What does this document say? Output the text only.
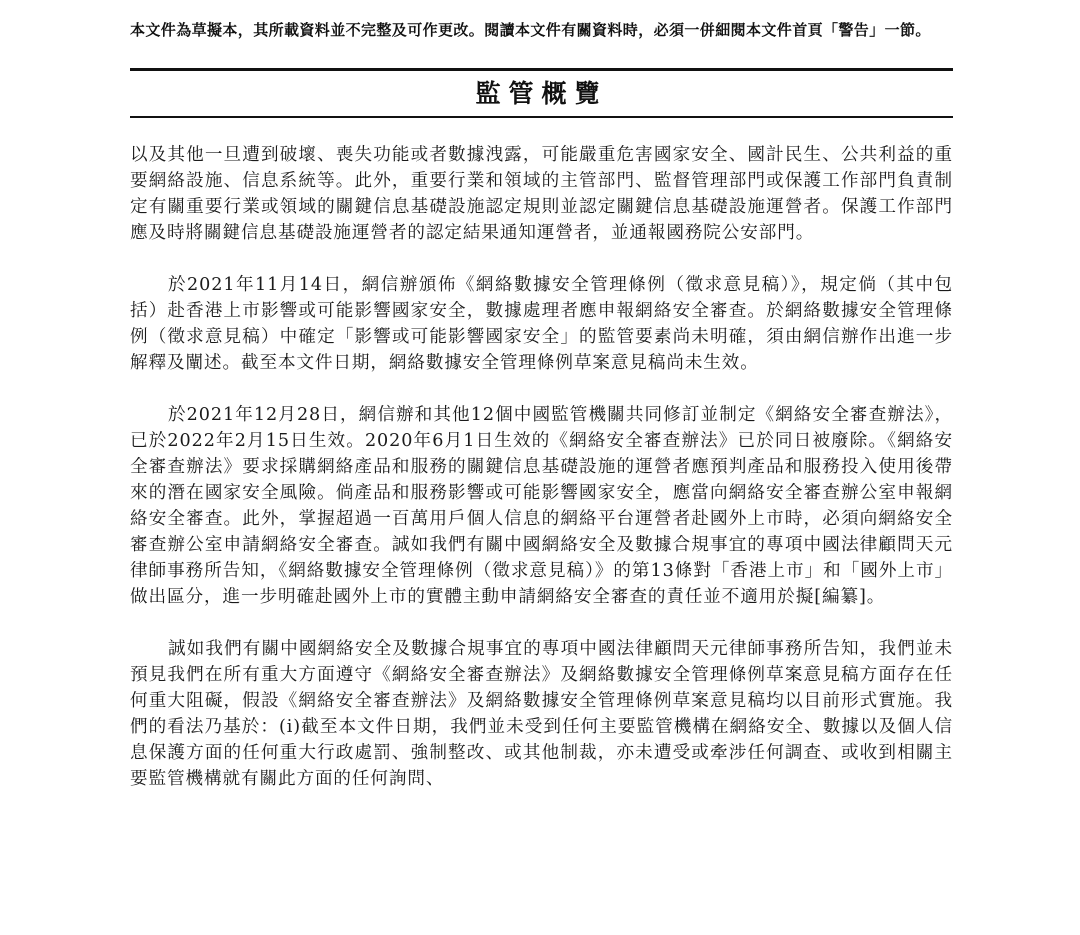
本文件為草擬本，其所載資料並不完整及可作更改。閱讀本文件有關資料時，必須一併細閱本文件首頁「警告」一節。
監管概覽

以及其他一旦遭到破壞、喪失功能或者數據洩露，可能嚴重危害國家安全、國計民生、公共利益的重要網絡設施、信息系統等。此外，重要行業和領域的主管部門、監督管理部門或保護工作部門負責制定有關重要行業或領域的關鍵信息基礎設施認定規則並認定關鍵信息基礎設施運營者。保護工作部門應及時將關鍵信息基礎設施運營者的認定結果通知運營者，並通報國務院公安部門。

於2021年11月14日，網信辦頒佈《網絡數據安全管理條例（徵求意見稿）》，規定倘（其中包括）赴香港上市影響或可能影響國家安全，數據處理者應申報網絡安全審查。於網絡數據安全管理條例（徵求意見稿）中確定「影響或可能影響國家安全」的監管要素尚未明確，須由網信辦作出進一步解釋及闡述。截至本文件日期，網絡數據安全管理條例草案意見稿尚未生效。

於2021年12月28日，網信辦和其他12個中國監管機關共同修訂並制定《網絡安全審查辦法》，已於2022年2月15日生效。2020年6月1日生效的《網絡安全審查辦法》已於同日被廢除。《網絡安全審查辦法》要求採購網絡產品和服務的關鍵信息基礎設施的運營者應預判產品和服務投入使用後帶來的潛在國家安全風險。倘產品和服務影響或可能影響國家安全，應當向網絡安全審查辦公室申報網絡安全審查。此外，掌握超過一百萬用戶個人信息的網絡平台運營者赴國外上市時，必須向網絡安全審查辦公室申請網絡安全審查。誠如我們有關中國網絡安全及數據合規事宜的專項中國法律顧問天元律師事務所告知，《網絡數據安全管理條例（徵求意見稿）》的第13條對「香港上市」和「國外上市」做出區分，進一步明確赴國外上市的實體主動申請網絡安全審查的責任並不適用於擬[編纂]。

誠如我們有關中國網絡安全及數據合規事宜的專項中國法律顧問天元律師事務所告知，我們並未預見我們在所有重大方面遵守《網絡安全審查辦法》及網絡數據安全管理條例草案意見稿方面存在任何重大阻礙，假設《網絡安全審查辦法》及網絡數據安全管理條例草案意見稿均以目前形式實施。我們的看法乃基於：(i)截至本文件日期，我們並未受到任何主要監管機構在網絡安全、數據以及個人信息保護方面的任何重大行政處罰、強制整改、或其他制裁，亦未遭受或牽涉任何調查、或收到相關主要監管機構就有關此方面的任何詢問、
